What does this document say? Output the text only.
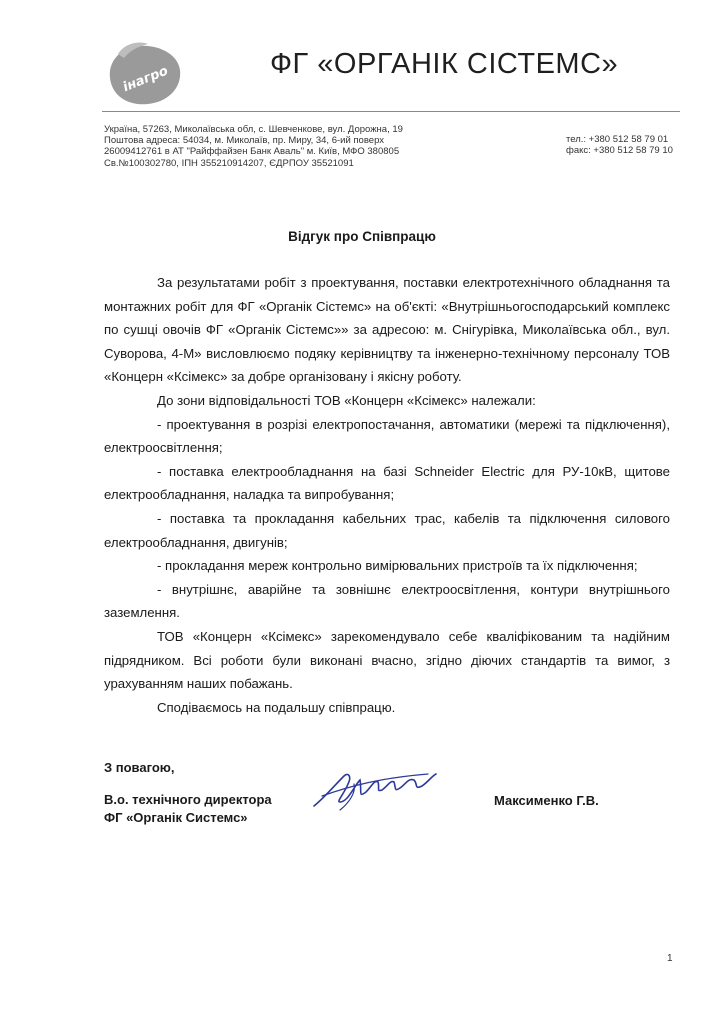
інагро	ФГ «ОРГАНІК СІСТЕМС»
Україна, 57263, Миколаївська обл, с. Шевченкове, вул. Дорожна, 19
Поштова адреса: 54034, м. Миколаїв, пр. Миру, 34, 6-ий поверх
26009412761 в АТ "Райффайзен Банк Аваль" м. Київ, МФО 380805
Св.№100302780, ІПН 355210914207, ЄДРПОУ 35521091
тел.: +380 512 58 79 01
факс: +380 512 58 79 10
Відгук про Співпрацю

За результатами робіт з проектування, поставки електротехнічного обладнання та монтажних робіт для ФГ «Органік Сістемс» на об'єкті: «Внутрішньогосподарський комплекс по сушці овочів ФГ «Органік Сістемс»» за адресою: м. Снігурівка, Миколаївська обл., вул. Суворова, 4-М» висловлюємо подяку керівництву та інженерно-технічному персоналу ТОВ «Концерн «Ксімекс» за добре організовану і якісну роботу.

До зони відповідальності ТОВ «Концерн «Ксімекс» належали:

- проектування в розрізі електропостачання, автоматики (мережі та підключення), електроосвітлення;

- поставка електрообладнання на базі Schneider Electric для РУ-10кВ, щитове електрообладнання, наладка та випробування;

- поставка та прокладання кабельних трас, кабелів та підключення силового електрообладнання, двигунів;

- прокладання мереж контрольно вимірювальних пристроїв та їх підключення;

- внутрішнє, аварійне та зовнішнє електроосвітлення, контури внутрішнього заземлення.

ТОВ «Концерн «Ксімекс» зарекомендувало себе кваліфікованим та надійним підрядником. Всі роботи були виконані вчасно, згідно діючих стандартів та вимог, з урахуванням наших побажань.

Сподіваємось на подальшу співпрацю.

З повагою,
В.о. технічного директора
ФГ «Органік Системс»
Максименко Г.В.
1
